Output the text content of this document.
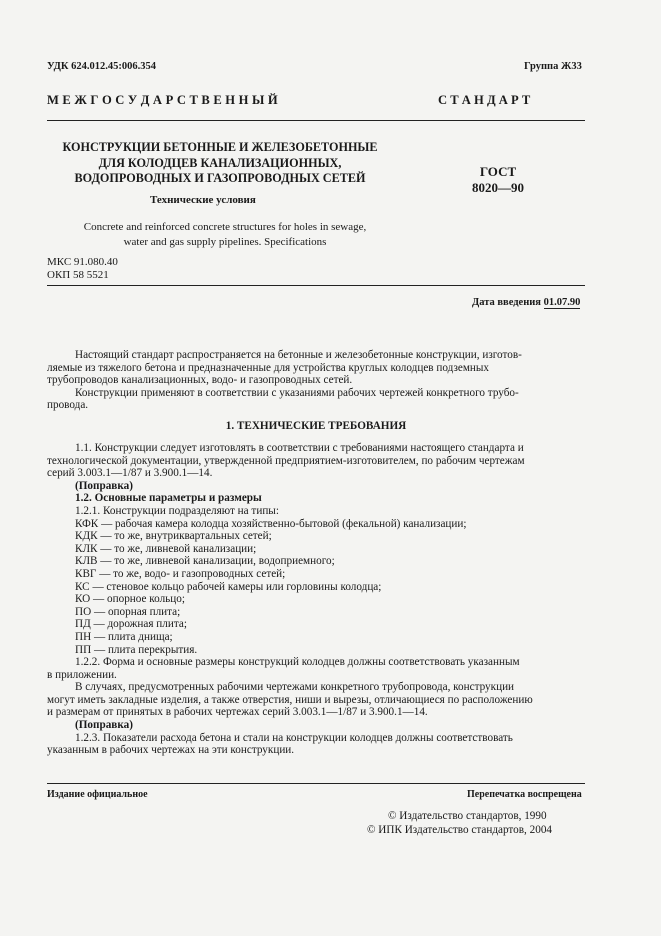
УДК 624.012.45:006.354	Группа Ж33
М Е Ж Г О С У Д А Р С Т В Е Н Н Ы Й	С Т А Н Д А Р Т
КОНСТРУКЦИИ БЕТОННЫЕ И ЖЕЛЕЗОБЕТОННЫЕ
ДЛЯ КОЛОДЦЕВ КАНАЛИЗАЦИОННЫХ,
ВОДОПРОВОДНЫХ И ГАЗОПРОВОДНЫХ СЕТЕЙ	ГОСТ
8020—90
Технические условия
Concrete and reinforced concrete structures for holes in sewage,
water and gas supply pipelines. Specifications
МКС 91.080.40
ОКП 58 5521
Дата введения 01.07.90

Настоящий стандарт распространяется на бетонные и железобетонные конструкции, изготов-

ляемые из тяжелого бетона и предназначенные для устройства круглых колодцев подземных

трубопроводов канализационных, водо- и газопроводных сетей.

Конструкции применяют в соответствии с указаниями рабочих чертежей конкретного трубо-

провода.

1. ТЕХНИЧЕСКИЕ ТРЕБОВАНИЯ

1.1. Конструкции следует изготовлять в соответствии с требованиями настоящего стандарта и

технологической документации, утвержденной предприятием-изготовителем, по рабочим чертежам

серий 3.003.1—1/87 и 3.900.1—14.

(Поправка)

1.2. Основные параметры и размеры

1.2.1. Конструкции подразделяют на типы:

КФК — рабочая камера колодца хозяйственно-бытовой (фекальной) канализации;

КДК — то же, внутриквартальных сетей;

КЛК — то же, ливневой канализации;

КЛВ — то же, ливневой канализации, водоприемного;

КВГ — то же, водо- и газопроводных сетей;

КС — стеновое кольцо рабочей камеры или горловины колодца;

КО — опорное кольцо;

ПО — опорная плита;

ПД — дорожная плита;

ПН — плита днища;

ПП — плита перекрытия.

1.2.2. Форма и основные размеры конструкций колодцев должны соответствовать указанным

в приложении.

В случаях, предусмотренных рабочими чертежами конкретного трубопровода, конструкции

могут иметь закладные изделия, а также отверстия, ниши и вырезы, отличающиеся по расположению

и размерам от принятых в рабочих чертежах серий 3.003.1—1/87 и 3.900.1—14.

(Поправка)

1.2.3. Показатели расхода бетона и стали на конструкции колодцев должны соответствовать

указанным в рабочих чертежах на эти конструкции.

Издание официальное	Перепечатка воспрещена
© Издательство стандартов, 1990
© ИПК Издательство стандартов, 2004
